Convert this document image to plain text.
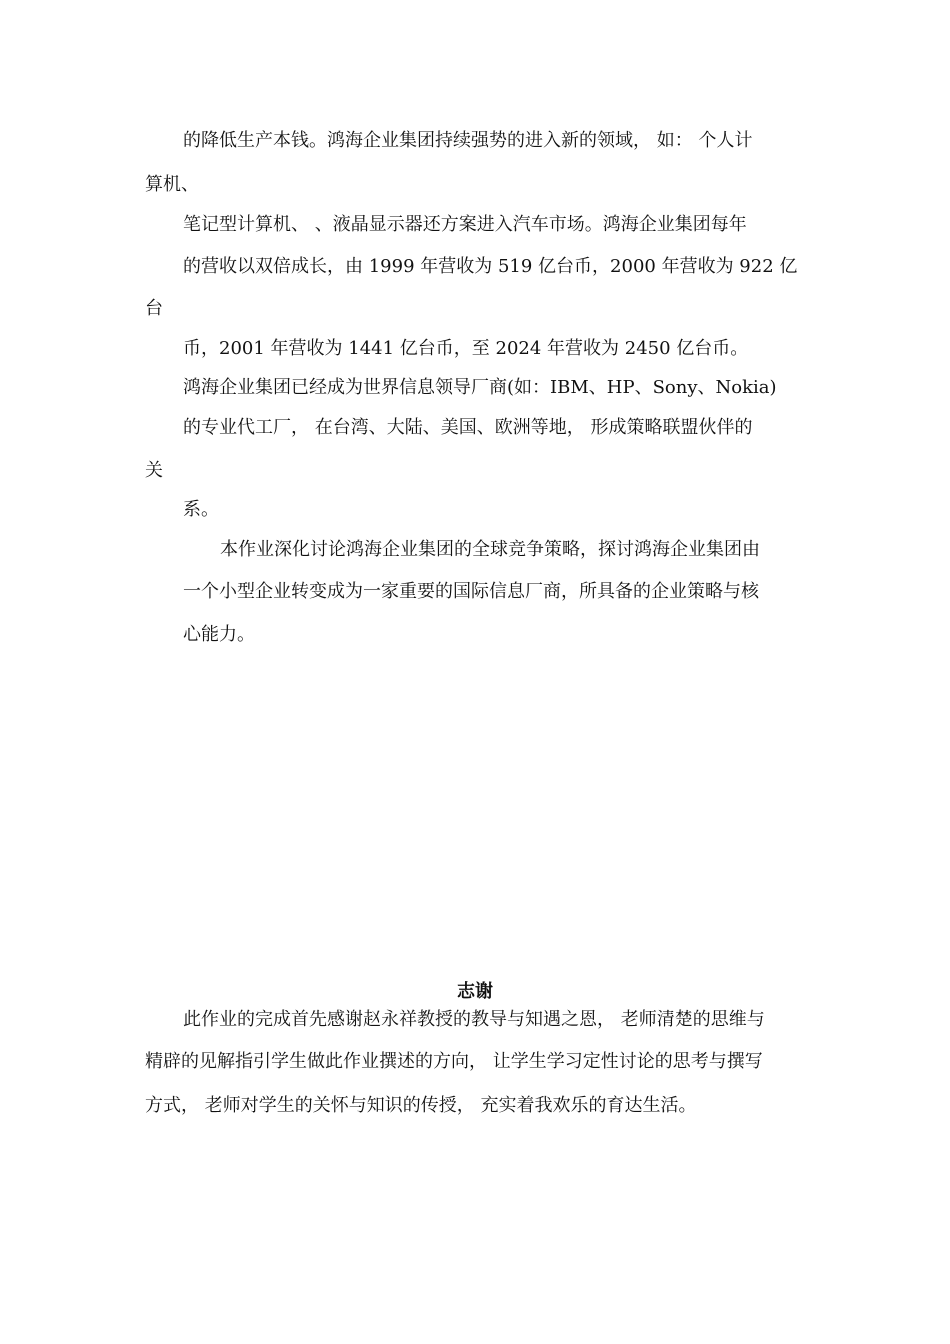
的降低生产本钱。鸿海企业集团持续强势的进入新的领域， 如： 个人计
算机、
笔记型计算机、 、液晶显示器还方案进入汽车市场。鸿海企业集团每年
的营收以双倍成长，由 1999 年营收为 519 亿台币，2000 年营收为 922 亿
台
币，2001 年营收为 1441 亿台币，至 2024 年营收为 2450 亿台币。
鸿海企业集团已经成为世界信息领导厂商(如：IBM、HP、Sony、Nokia)
的专业代工厂， 在台湾、大陆、美国、欧洲等地， 形成策略联盟伙伴的
关
系。
本作业深化讨论鸿海企业集团的全球竞争策略，探讨鸿海企业集团由
一个小型企业转变成为一家重要的国际信息厂商，所具备的企业策略与核
心能力。
志谢
此作业的完成首先感谢赵永祥教授的教导与知遇之恩， 老师清楚的思维与
精辟的见解指引学生做此作业撰述的方向， 让学生学习定性讨论的思考与撰写
方式， 老师对学生的关怀与知识的传授， 充实着我欢乐的育达生活。
